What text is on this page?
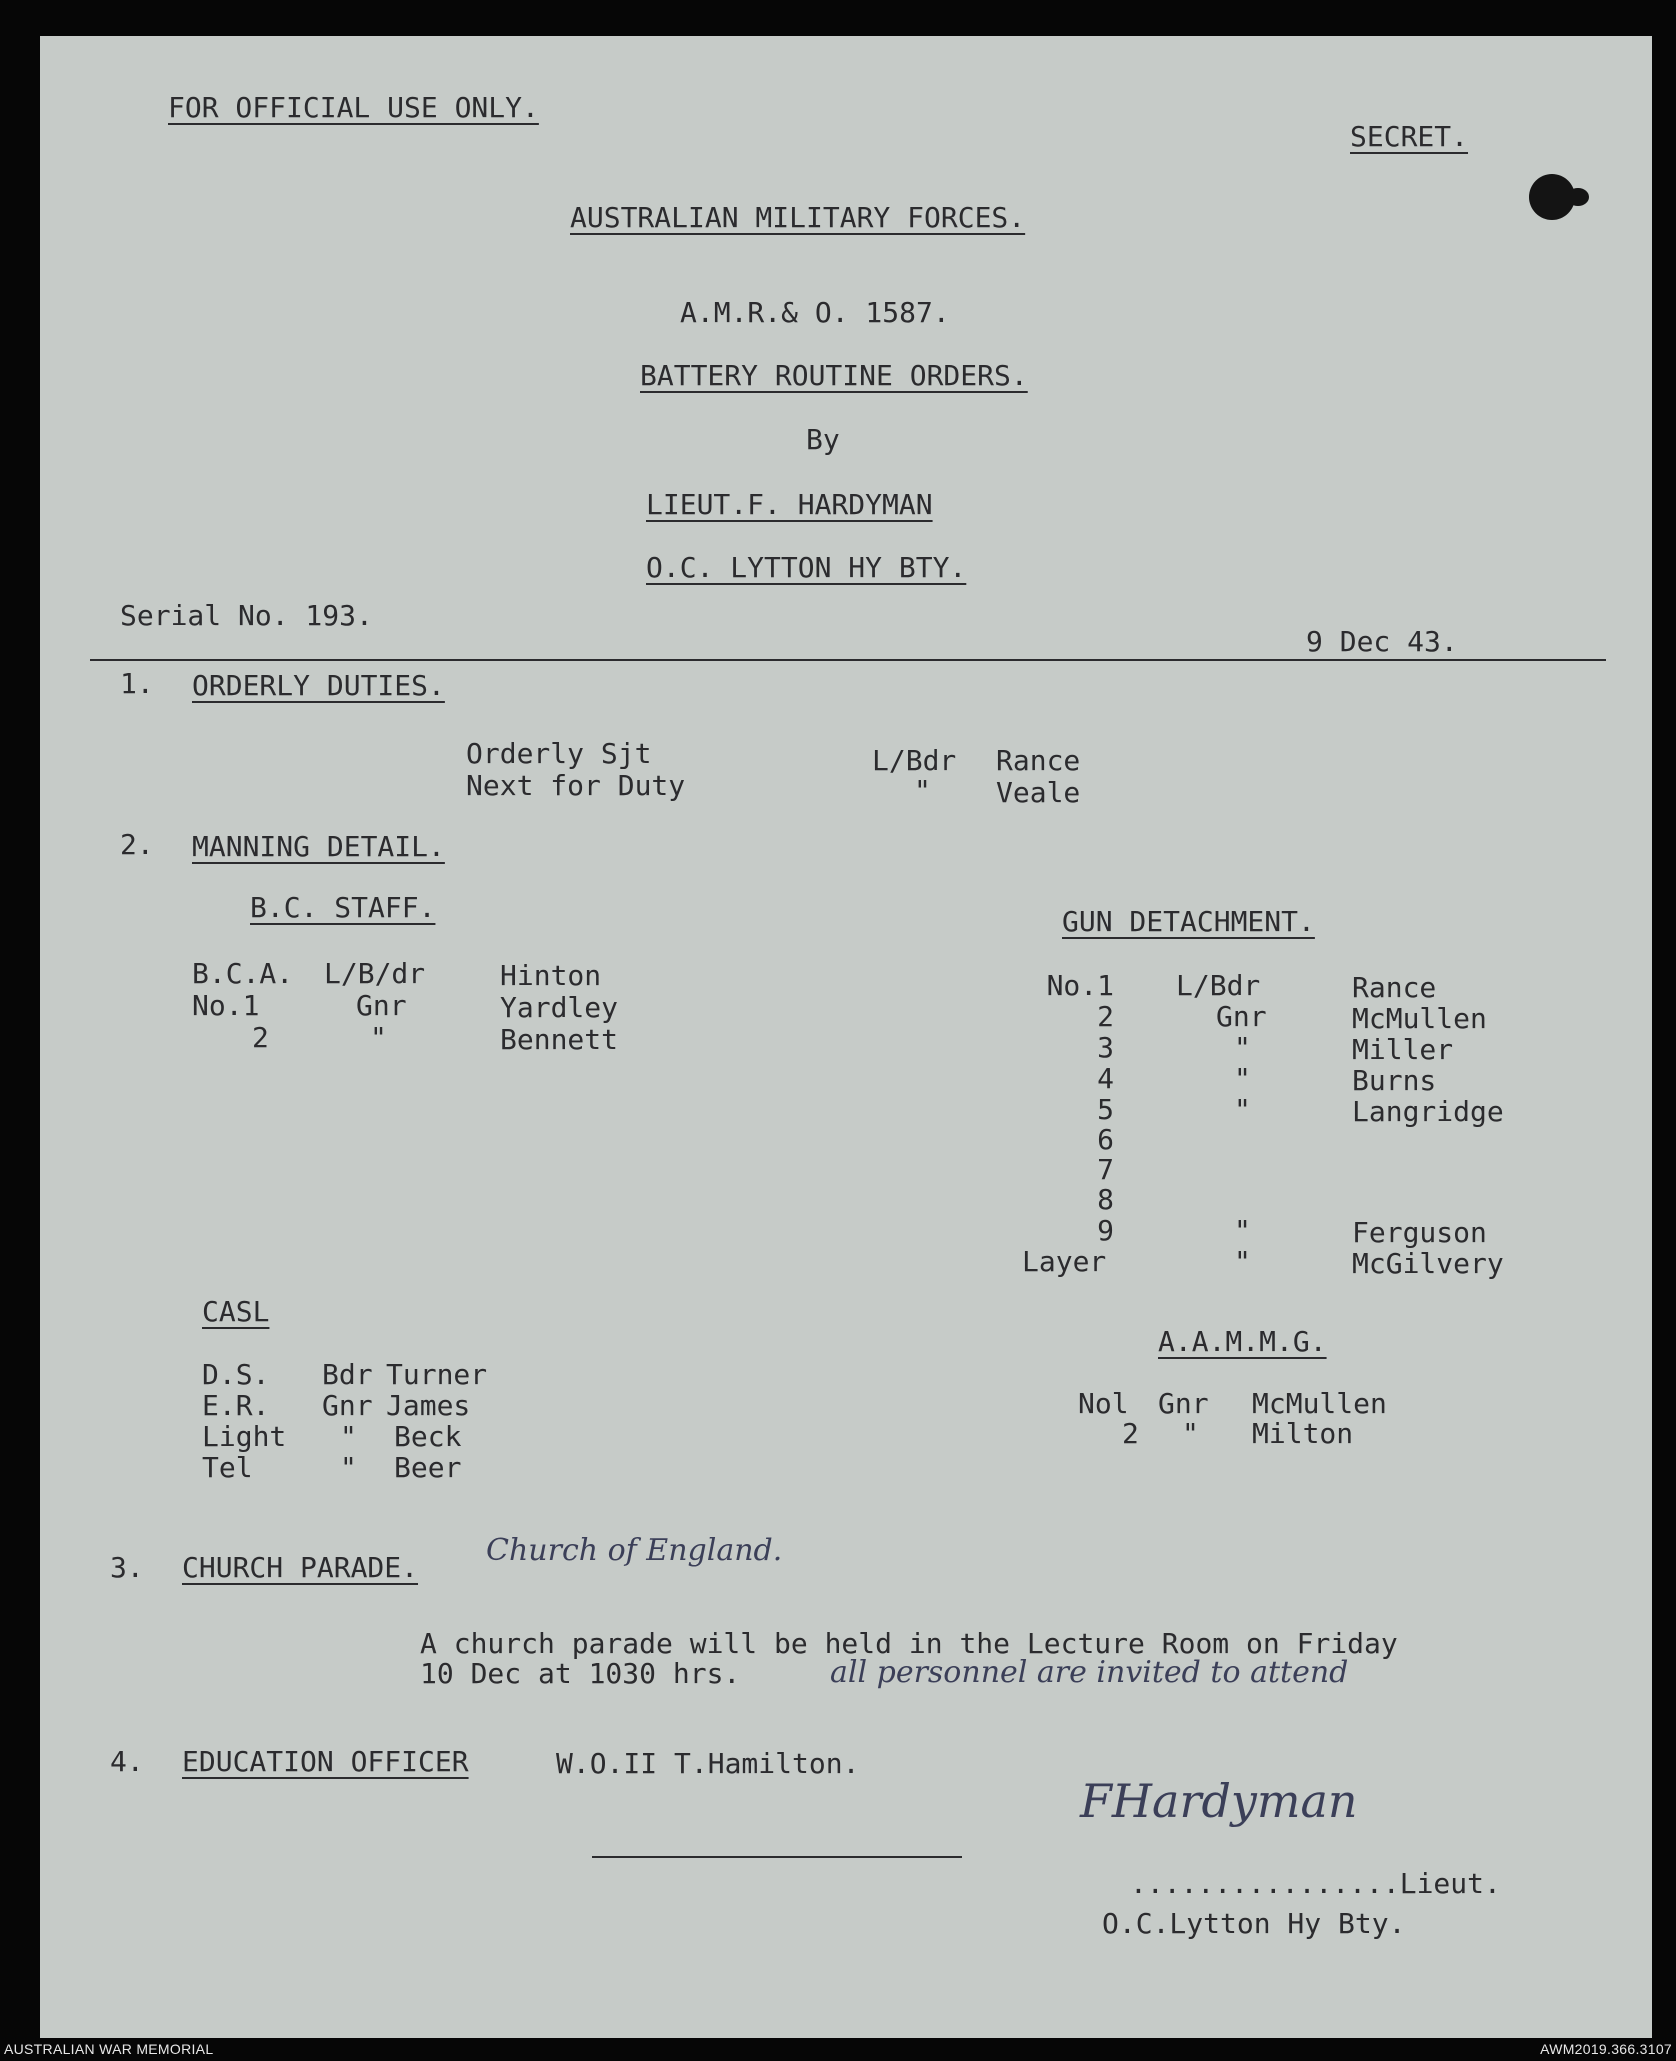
FOR OFFICIAL USE ONLY.
SECRET.
AUSTRALIAN MILITARY FORCES.
A.M.R.& O. 1587.
BATTERY ROUTINE ORDERS.
By
LIEUT.F. HARDYMAN
O.C. LYTTON HY BTY.
Serial No. 193.
9 Dec 43.
1. ORDERLY DUTIES.
Orderly Sjt	L/Bdr Rance
Next for Duty	" Veale
2. MANNING DETAIL.
B.C. STAFF.
B.C.A. L/B/dr	Hinton
No.1	Gnr	Yardley
2	"	Bennett
GUN DETACHMENT.
No.1 L/Bdr	Rance
2	Gnr	McMullen
3	"	Miller
4	"	Burns
5	"	Langridge
6
7
8
9	"	Ferguson
Layer	"	McGilvery
CASL
D.S. Bdr Turner
E.R. Gnr James
Light " Beck
Tel	" Beer
A.A.M.M.G.
Nol Gnr McMullen
2 " Milton
3. CHURCH PARADE. Church of England.
A church parade will be held in the Lecture Room on Friday
10 Dec at 1030 hrs.	all personnel are invited to attend
4. EDUCATION OFFICER	W.O.II T.Hamilton.
FHardyman
................Lieut.
O.C.Lytton Hy Bty.
AUSTRALIAN WAR MEMORIAL	AWM2019.366.3107
